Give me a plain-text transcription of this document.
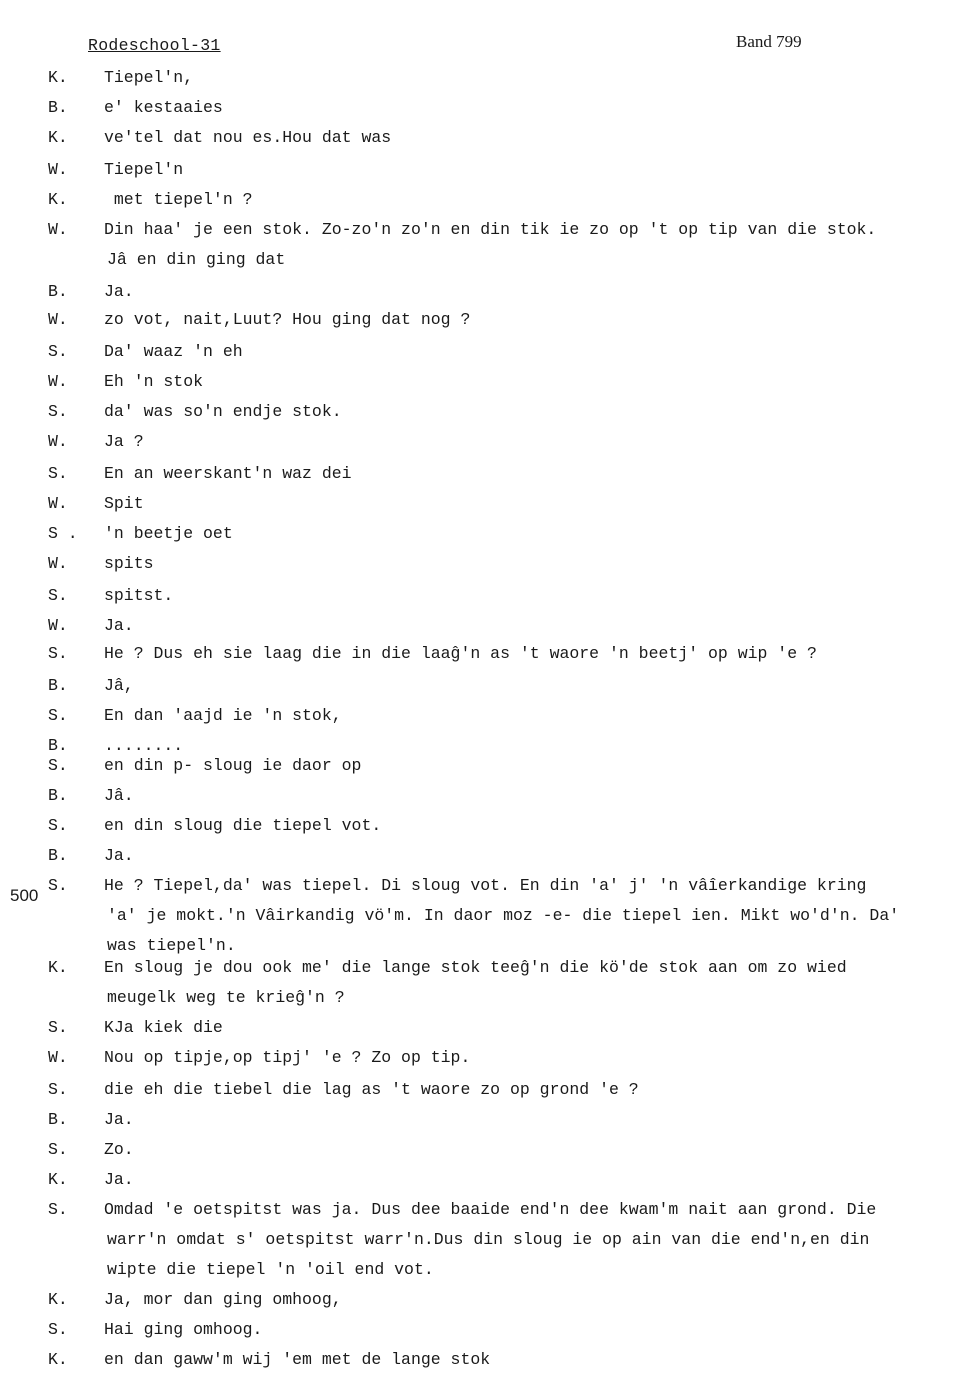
Rodeschool-31	Band 799
500
K. Tiepel'n,
B. e' kestaaies
K. ve'tel dat nou es.Hou dat was
W. Tiepel'n
K. met tiepel'n ?
W. Din haa' je een stok. Zo-zo'n zo'n en din tik ie zo op 't op tip van die stok.
Jâ en din ging dat
B. Ja.
W. zo vot, nait,Luut? Hou ging dat nog ?
S. Da' waaz 'n eh
W. Eh 'n stok
S. da' was so'n endje stok.
W. Ja ?
S. En an weerskant'n waz dei
W. Spit
S . 'n beetje oet
W. spits
S. spitst.
W. Ja.
S. He ? Dus eh sie laag die in die laaĝ'n as 't waore 'n beetj' op wip 'e ?
B. Jâ,
S. En dan 'aajd ie 'n stok,
B. ........
S. en din p- sloug ie daor op
B. Jâ.
S. en din sloug die tiepel vot.
B. Ja.
S. He ? Tiepel,da' was tiepel. Di sloug vot. En din 'a' j' 'n vâîerkandige kring
'a' je mokt.'n Vâirkandig vö'm. In daor moz -e- die tiepel ien. Mikt wo'd'n. Da'
was tiepel'n.
K. En sloug je dou ook me' die lange stok teeĝ'n die kö'de stok aan om zo wied
meugelk weg te krieĝ'n ?
S. KJa kiek die
W. Nou op tipje,op tipj' 'e ? Zo op tip.
S. die eh die tiebel die lag as 't waore zo op grond 'e ?
B. Ja.
S. Zo.
K. Ja.
S. Omdad 'e oetspitst was ja. Dus dee baaide end'n dee kwam'm nait aan grond. Die
warr'n omdat s' oetspitst warr'n.Dus din sloug ie op ain van die end'n,en din
wipte die tiepel 'n 'oil end vot.
K. Ja, mor dan ging omhoog,
S. Hai ging omhoog.
K. en dan gaww'm wij 'em met de lange stok
